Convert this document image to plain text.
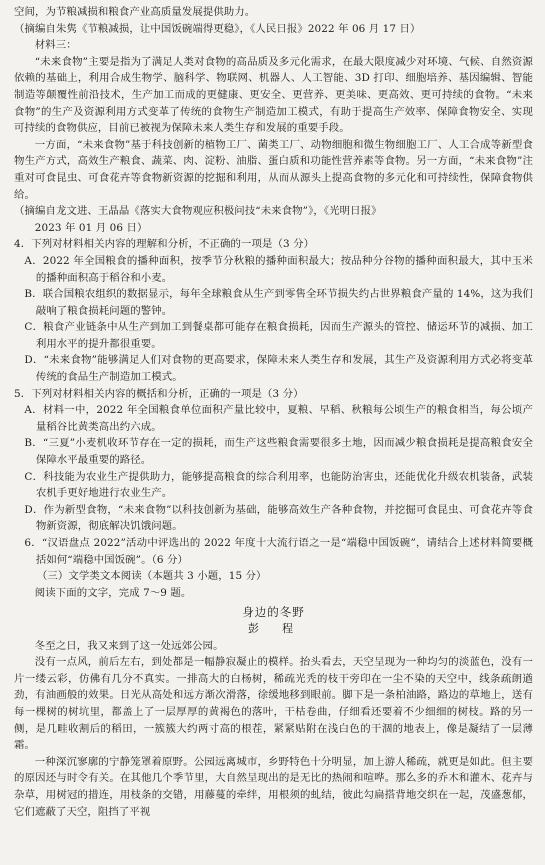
空间，为节粮减损和粮食产业高质量发展提供助力。

（摘编自朱隽《节粮减损，让中国饭碗端得更稳》，《人民日报》2022 年 06 月 17 日）

材料三：

“未来食物”主要是指为了满足人类对食物的高品质及多元化需求，在最大限度减少对环境、气候、自然资源依赖的基础上，利用合成生物学、脑科学、物联网、机器人、人工智能、3D 打印、细胞培养、基因编辑、智能制造等颠覆性前沿技术，生产加工而成的更健康、更安全、更营养、更美味、更高效、更可持续的食物。“未来食物”的生产及资源利用方式变革了传统的食物生产制造加工模式，有助于提高生产效率、保障食物安全、实现可持续的食物供应，目前已被视为保障未来人类生存和发展的重要手段。

一方面，“未来食物”基于科技创新的植物工厂、菌类工厂、动物细胞和微生物细胞工厂、人工合成等新型食物生产方式，高效生产粮食、蔬菜、肉、淀粉、油脂、蛋白质和功能性营养素等食物。另一方面，“未来食物”注重对可食昆虫、可食花卉等食物新资源的挖掘和利用，从而从源头上提高食物的多元化和可持续性，保障食物供给。

（摘编自龙文进、王晶晶《落实大食物观应积极问技“未来食物”》，《光明日报》

2023 年 01 月 06 日）

4．下列对材料相关内容的理解和分析，不正确的一项是（3 分）

A．2022 年全国粮食的播种面积，按季节分秋粮的播种面积最大；按品种分谷物的播种面积最大，其中玉米的播种面积高于稻谷和小麦。

B．联合国粮农组织的数据显示，每年全球粮食从生产到零售全环节损失约占世界粮食产量的 14%，这为我们敲响了粮食损耗问题的警钟。

C．粮食产业链条中从生产到加工到餐桌都可能存在粮食损耗，因而生产源头的管控、储运环节的减损、加工利用水平的提升都很重要。

D．“未来食物”能够满足人们对食物的更高要求，保障未来人类生存和发展，其生产及资源利用方式必将变革传统的食品生产制造加工模式。

5．下列对材料相关内容的概括和分析，正确的一项是（3 分）

A．材料一中，2022 年全国粮食单位面积产量比较中，夏粮、早稻、秋粮每公顷生产的粮食相当，每公顷产量稻谷比黄类高出约六成。

B．“三夏”小麦机收环节存在一定的损耗，而生产这些粮食需要很多土地，因而减少粮食损耗是提高粮食安全保障水平最重要的路径。

C．科技能为农业生产提供助力，能够提高粮食的综合利用率，也能防治害虫，还能优化升级农机装备，武装农机手更好地进行农业生产。

D．作为新型食物，“未来食物”以科技创新为基础，能够高效生产各种食物，并挖掘可食昆虫、可食花卉等食物新资源，彻底解决饥饿问题。

6．“汉语盘点 2022”活动中评选出的 2022 年度十大流行语之一是“端稳中国饭碗”，请结合上述材料简要概括如何“端稳中国饭碗”。（6 分）

（三）文学类文本阅读（本题共 3 小题，15 分）

阅读下面的文字，完成 7～9 题。

身边的冬野

彭　程

冬至之日，我又来到了这一处远郊公园。

没有一点风，前后左右，到处都是一幅静寂凝止的模样。抬头看去，天空呈现为一种均匀的淡蓝色，没有一片一缕云彩，仿佛有几分不真实。一排高大的白杨树，稀疏光秃的枝干旁印在一尘不染的天空中，线条疏朗遒劲，有油画般的效果。日光从高处和远方渐次滑落，徐缓地移到眼前。脚下是一条柏油路，路边的草地上，送有每一棵树的树坑里，都盖上了一层厚厚的黄褐色的落叶，干枯卷曲，仔细看还要着不少细细的树枝。路的另一侧，是几畦收割后的稻田，一簇簇大约两寸高的根茬，紧紧贴附在浅白色的干涸的地表上，像是凝结了一层薄霜。

一种深沉寥廓的宁静笼罩着原野。公园远离城市，乡野特色十分明显，加上游人稀疏，就更是如此。但主要的原因还与时令有关。在其他几个季节里，大自然呈现出的是无比的热闹和喧哗。那么多的乔木和灌木、花卉与杂草，用树冠的措连，用枝条的交错，用藤蔓的牵绊，用根须的虬结，彼此勾扁搭背地交织在一起，茂盛葱郁，它们遮蔽了天空，阻挡了平视
